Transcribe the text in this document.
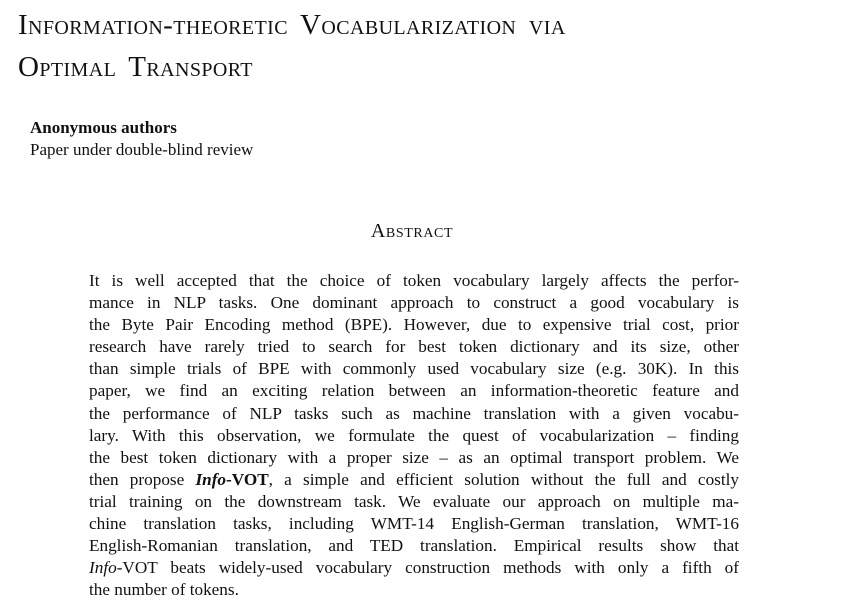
Information-theoretic Vocabularization via
Optimal Transport
Anonymous authors
Paper under double-blind review
Abstract
It is well accepted that the choice of token vocabulary largely affects the perfor-
mance in NLP tasks. One dominant approach to construct a good vocabulary is
the Byte Pair Encoding method (BPE). However, due to expensive trial cost, prior
research have rarely tried to search for best token dictionary and its size, other
than simple trials of BPE with commonly used vocabulary size (e.g. 30K). In this
paper, we find an exciting relation between an information-theoretic feature and
the performance of NLP tasks such as machine translation with a given vocabu-
lary. With this observation, we formulate the quest of vocabularization – finding
the best token dictionary with a proper size – as an optimal transport problem. We
then propose Info-VOT, a simple and efficient solution without the full and costly
trial training on the downstream task. We evaluate our approach on multiple ma-
chine translation tasks, including WMT-14 English-German translation, WMT-16
English-Romanian translation, and TED translation. Empirical results show that
Info-VOT beats widely-used vocabulary construction methods with only a fifth of
the number of tokens.
